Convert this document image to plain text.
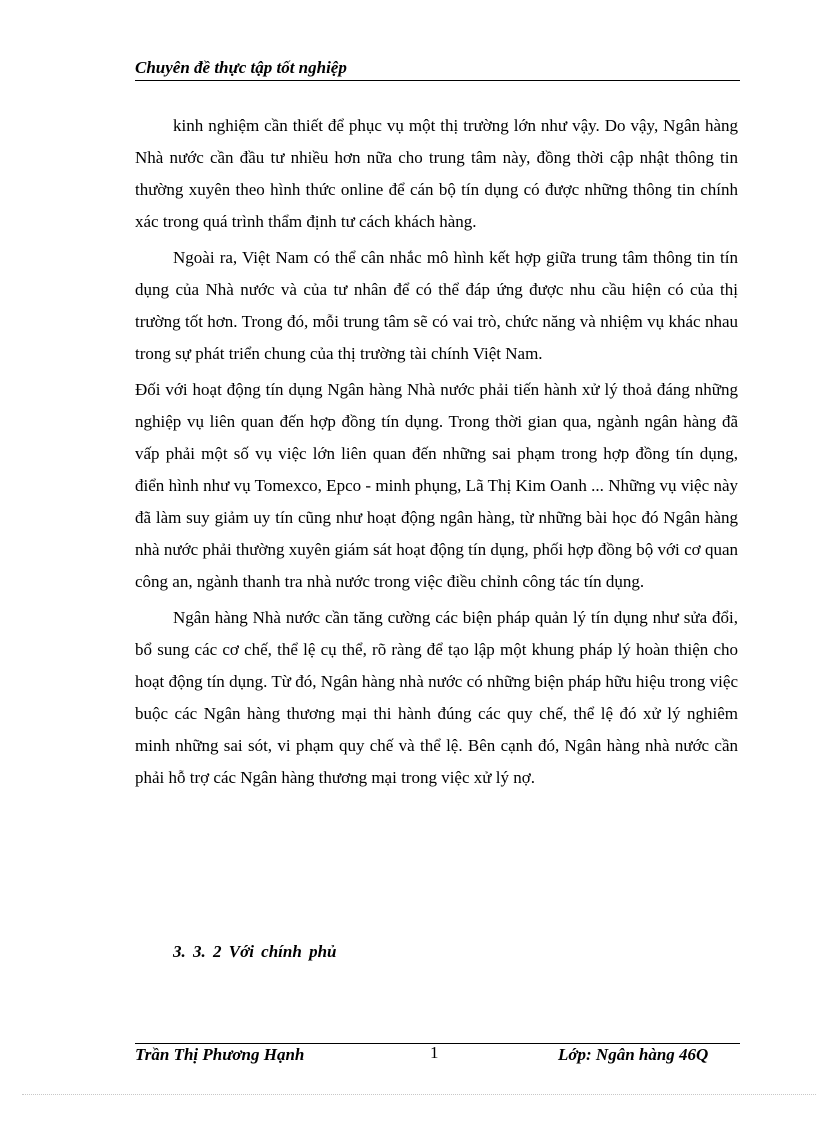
Chuyên đề thực tập tốt nghiệp

kinh nghiệm cần thiết để phục vụ một thị trường lớn như vậy. Do vậy, Ngân hàng Nhà nước cần đầu tư nhiều hơn nữa cho trung tâm này, đồng thời cập nhật thông tin thường xuyên theo hình thức online để cán bộ tín dụng có được những thông tin chính xác trong quá trình thẩm định tư cách khách hàng.

Ngoài ra, Việt Nam có thể cân nhắc mô hình kết hợp giữa trung tâm thông tin tín dụng của Nhà nước và của tư nhân để có thể đáp ứng được nhu cầu hiện có của thị trường tốt hơn. Trong đó, mỗi trung tâm sẽ có vai trò, chức năng và nhiệm vụ khác nhau trong sự phát triển chung của thị trường tài chính Việt Nam.

Đối với hoạt động tín dụng Ngân hàng Nhà nước phải tiến hành xử lý thoả đáng những nghiệp vụ liên quan đến hợp đồng tín dụng. Trong thời gian qua, ngành ngân hàng đã vấp phải một số vụ việc lớn liên quan đến những sai phạm trong hợp đồng tín dụng, điển hình như vụ Tomexco, Epco - minh phụng, Lã Thị Kim Oanh ... Những vụ việc này đã làm suy giảm uy tín cũng như hoạt động ngân hàng, từ những bài học đó Ngân hàng nhà nước phải thường xuyên giám sát hoạt động tín dụng, phối hợp đồng bộ với cơ quan công an, ngành thanh tra nhà nước trong việc điều chỉnh công tác tín dụng.

Ngân hàng Nhà nước cần tăng cường các biện pháp quản lý tín dụng như sửa đổi, bổ sung các cơ chế, thể lệ cụ thể, rõ ràng để tạo lập một khung pháp lý hoàn thiện cho hoạt động tín dụng. Từ đó, Ngân hàng nhà nước có những biện pháp hữu hiệu trong việc buộc các Ngân hàng thương mại thi hành đúng các quy chế, thể lệ đó xử lý nghiêm minh những sai sót, vi phạm quy chế và thể lệ. Bên cạnh đó, Ngân hàng nhà nước cần phải hỗ trợ các Ngân hàng thương mại trong việc xử lý nợ.

3. 3. 2 Với chính phủ
Trần Thị Phương Hạnh	1	Lớp: Ngân hàng 46Q
